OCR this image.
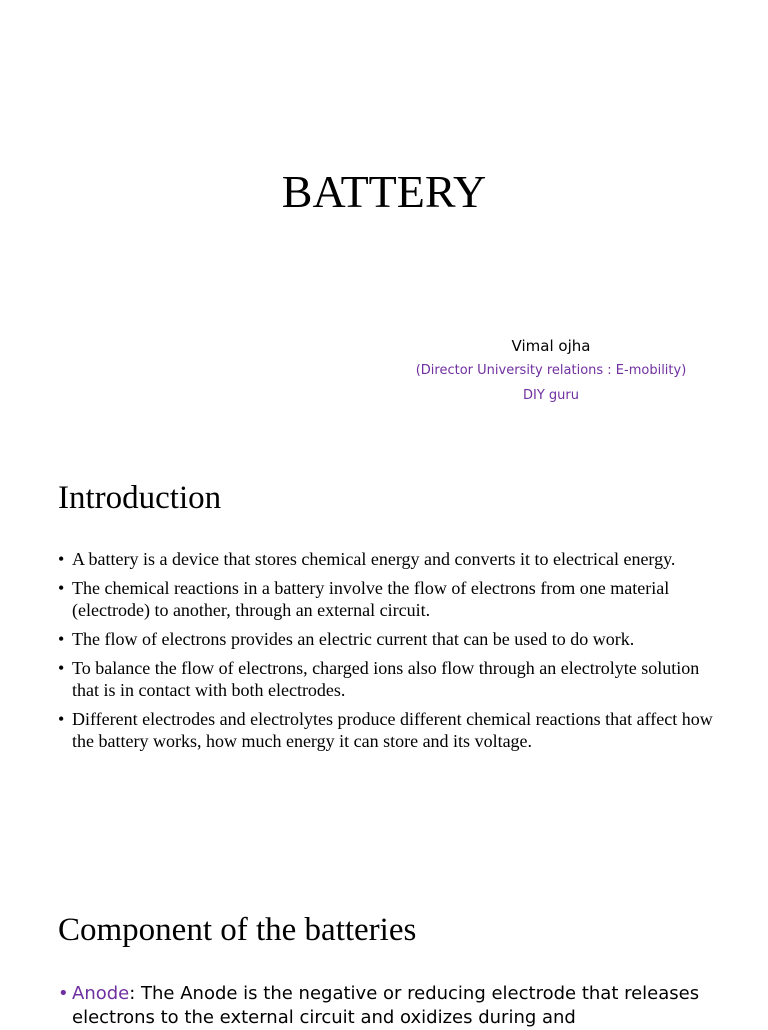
BATTERY
Vimal ojha
(Director University relations : E-mobility)
DIY guru
Introduction
• A battery is a device that stores chemical energy and converts it to electrical energy.
• The chemical reactions in a battery involve the flow of electrons from one material (electrode) to another, through an external circuit.
• The flow of electrons provides an electric current that can be used to do work.
• To balance the flow of electrons, charged ions also flow through an electrolyte solution that is in contact with both electrodes.
• Different electrodes and electrolytes produce different chemical reactions that affect how the battery works, how much energy it can store and its voltage.
Component of the batteries
• Anode: The Anode is the negative or reducing electrode that releases electrons to the external circuit and oxidizes during and
